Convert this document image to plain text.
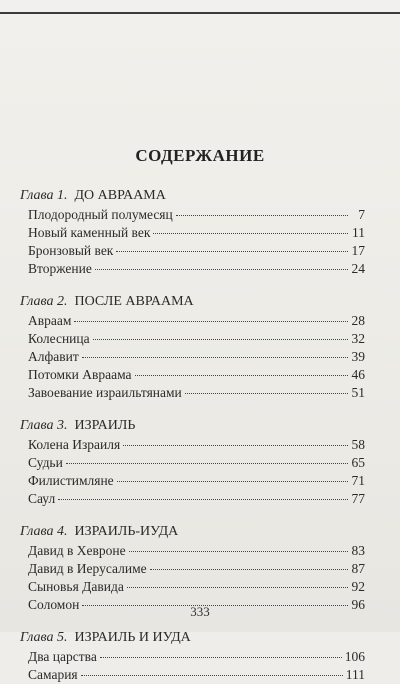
СОДЕРЖАНИЕ
Глава 1. ДО АВРААМА
Плодородный полумесяц	7
Новый каменный век	11
Бронзовый век	17
Вторжение	24
Глава 2. ПОСЛЕ АВРААМА
Авраам	28
Колесница	32
Алфавит	39
Потомки Авраама	46
Завоевание израильтянами	51
Глава 3. ИЗРАИЛЬ
Колена Израиля	58
Судьи	65
Филистимляне	71
Саул	77
Глава 4. ИЗРАИЛЬ-ИУДА
Давид в Хевроне	83
Давид в Иерусалиме	87
Сыновья Давида	92
Соломон	96
Глава 5. ИЗРАИЛЬ И ИУДА
Два царства	106
Самария	111
333
